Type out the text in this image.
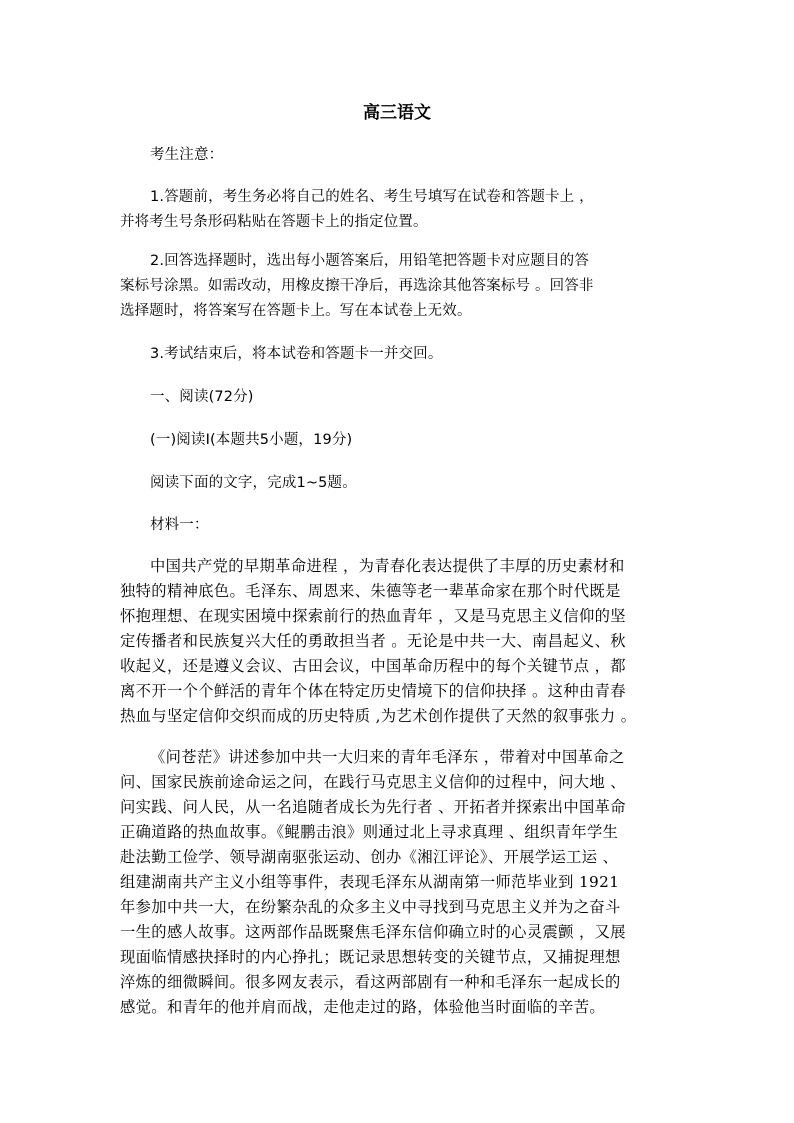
高三语文
考生注意：
1.答题前，考生务必将自己的姓名、考生号填写在试卷和答题卡上 ，
并将考生号条形码粘贴在答题卡上的指定位置。
2.回答选择题时，选出每小题答案后，用铅笔把答题卡对应题目的答
案标号涂黑。如需改动，用橡皮擦干净后，再选涂其他答案标号 。回答非
选择题时，将答案写在答题卡上。写在本试卷上无效。
3.考试结束后，将本试卷和答题卡一并交回。
一、阅读(72分)
(一)阅读Ⅰ(本题共5小题，19分)
阅读下面的文字，完成1~5题。
材料一：
中国共产党的早期革命进程 ，为青春化表达提供了丰厚的历史素材和
独特的精神底色。毛泽东、周恩来、朱德等老一辈革命家在那个时代既是
怀抱理想、在现实困境中探索前行的热血青年 ，又是马克思主义信仰的坚
定传播者和民族复兴大任的勇敢担当者 。无论是中共一大、南昌起义、秋
收起义，还是遵义会议、古田会议，中国革命历程中的每个关键节点 ，都
离不开一个个鲜活的青年个体在特定历史情境下的信仰抉择 。这种由青春
热血与坚定信仰交织而成的历史特质 ,为艺术创作提供了天然的叙事张力 。
《问苍茫》讲述参加中共一大归来的青年毛泽东 ，带着对中国革命之
问、国家民族前途命运之问，在践行马克思主义信仰的过程中，问大地 、
问实践、问人民，从一名追随者成长为先行者 、开拓者并探索出中国革命
正确道路的热血故事。《鲲鹏击浪》则通过北上寻求真理 、组织青年学生
赴法勤工俭学、领导湖南驱张运动、创办《湘江评论》、开展学运工运 、
组建湖南共产主义小组等事件，表现毛泽东从湖南第一师范毕业到 1921
年参加中共一大，在纷繁杂乱的众多主义中寻找到马克思主义并为之奋斗
一生的感人故事。这两部作品既聚焦毛泽东信仰确立时的心灵震颤 ，又展
现面临情感抉择时的内心挣扎；既记录思想转变的关键节点，又捕捉理想
淬炼的细微瞬间。很多网友表示，看这两部剧有一种和毛泽东一起成长的
感觉。和青年的他并肩而战，走他走过的路，体验他当时面临的辛苦。
